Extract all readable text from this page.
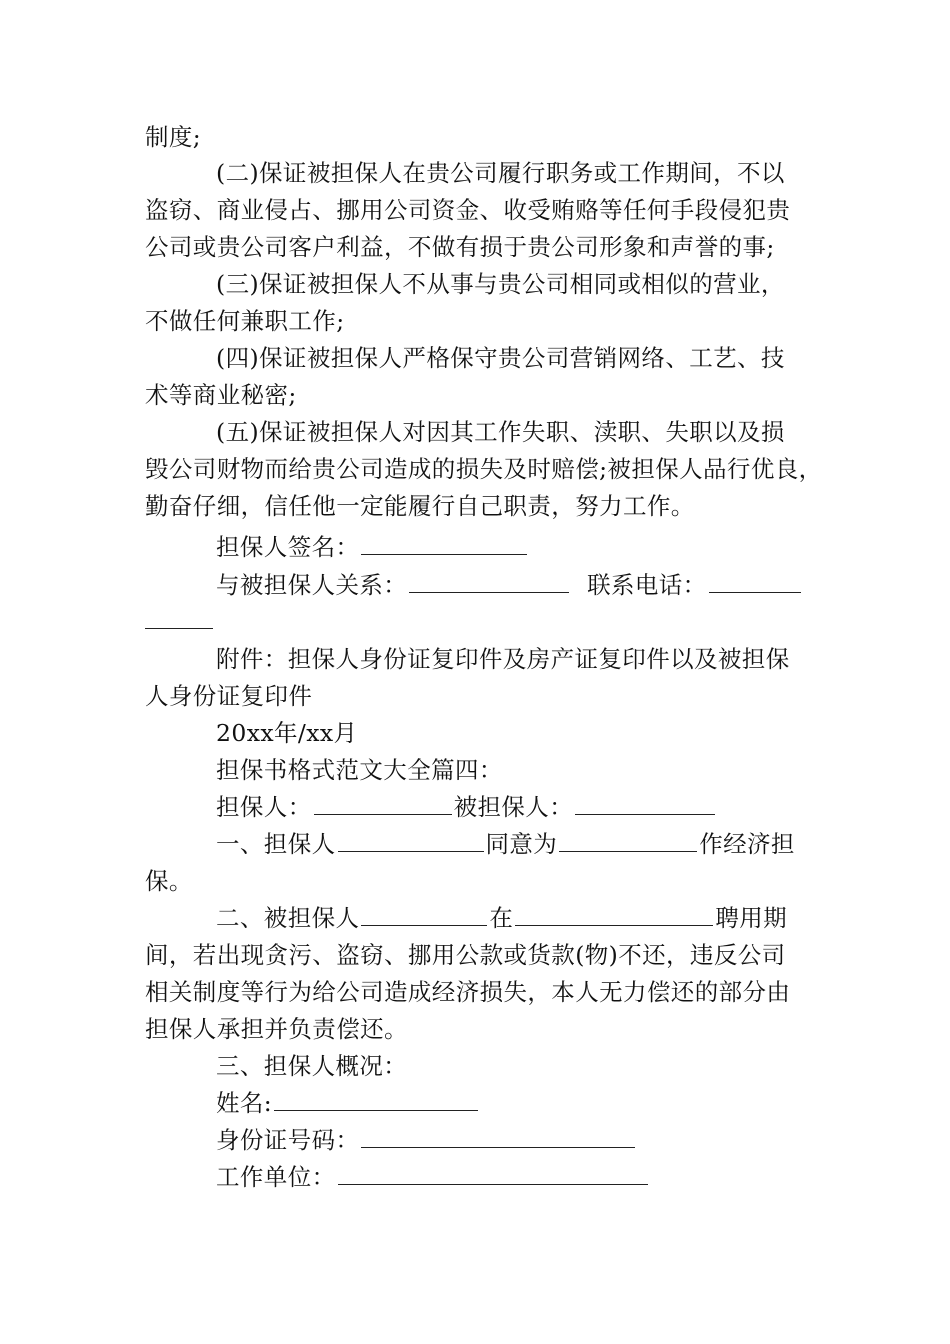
制度;
(二)保证被担保人在贵公司履行职务或工作期间，不以
盗窃、商业侵占、挪用公司资金、收受贿赂等任何手段侵犯贵
公司或贵公司客户利益，不做有损于贵公司形象和声誉的事;
(三)保证被担保人不从事与贵公司相同或相似的营业，
不做任何兼职工作;
(四)保证被担保人严格保守贵公司营销网络、工艺、技
术等商业秘密;
(五)保证被担保人对因其工作失职、渎职、失职以及损
毁公司财物而给贵公司造成的损失及时赔偿;被担保人品行优良，
勤奋仔细，信任他一定能履行自己职责，努力工作。
担保人签名：
与被担保人关系：	联系电话：
附件：担保人身份证复印件及房产证复印件以及被担保
人身份证复印件
20xx年/xx月
担保书格式范文大全篇四：
担保人：	被担保人：
一、担保人	同意为	作经济担
保。
二、被担保人	在	聘用期
间，若出现贪污、盗窃、挪用公款或货款(物)不还，违反公司
相关制度等行为给公司造成经济损失，本人无力偿还的部分由
担保人承担并负责偿还。
三、担保人概况：
姓名:
身份证号码：
工作单位：
